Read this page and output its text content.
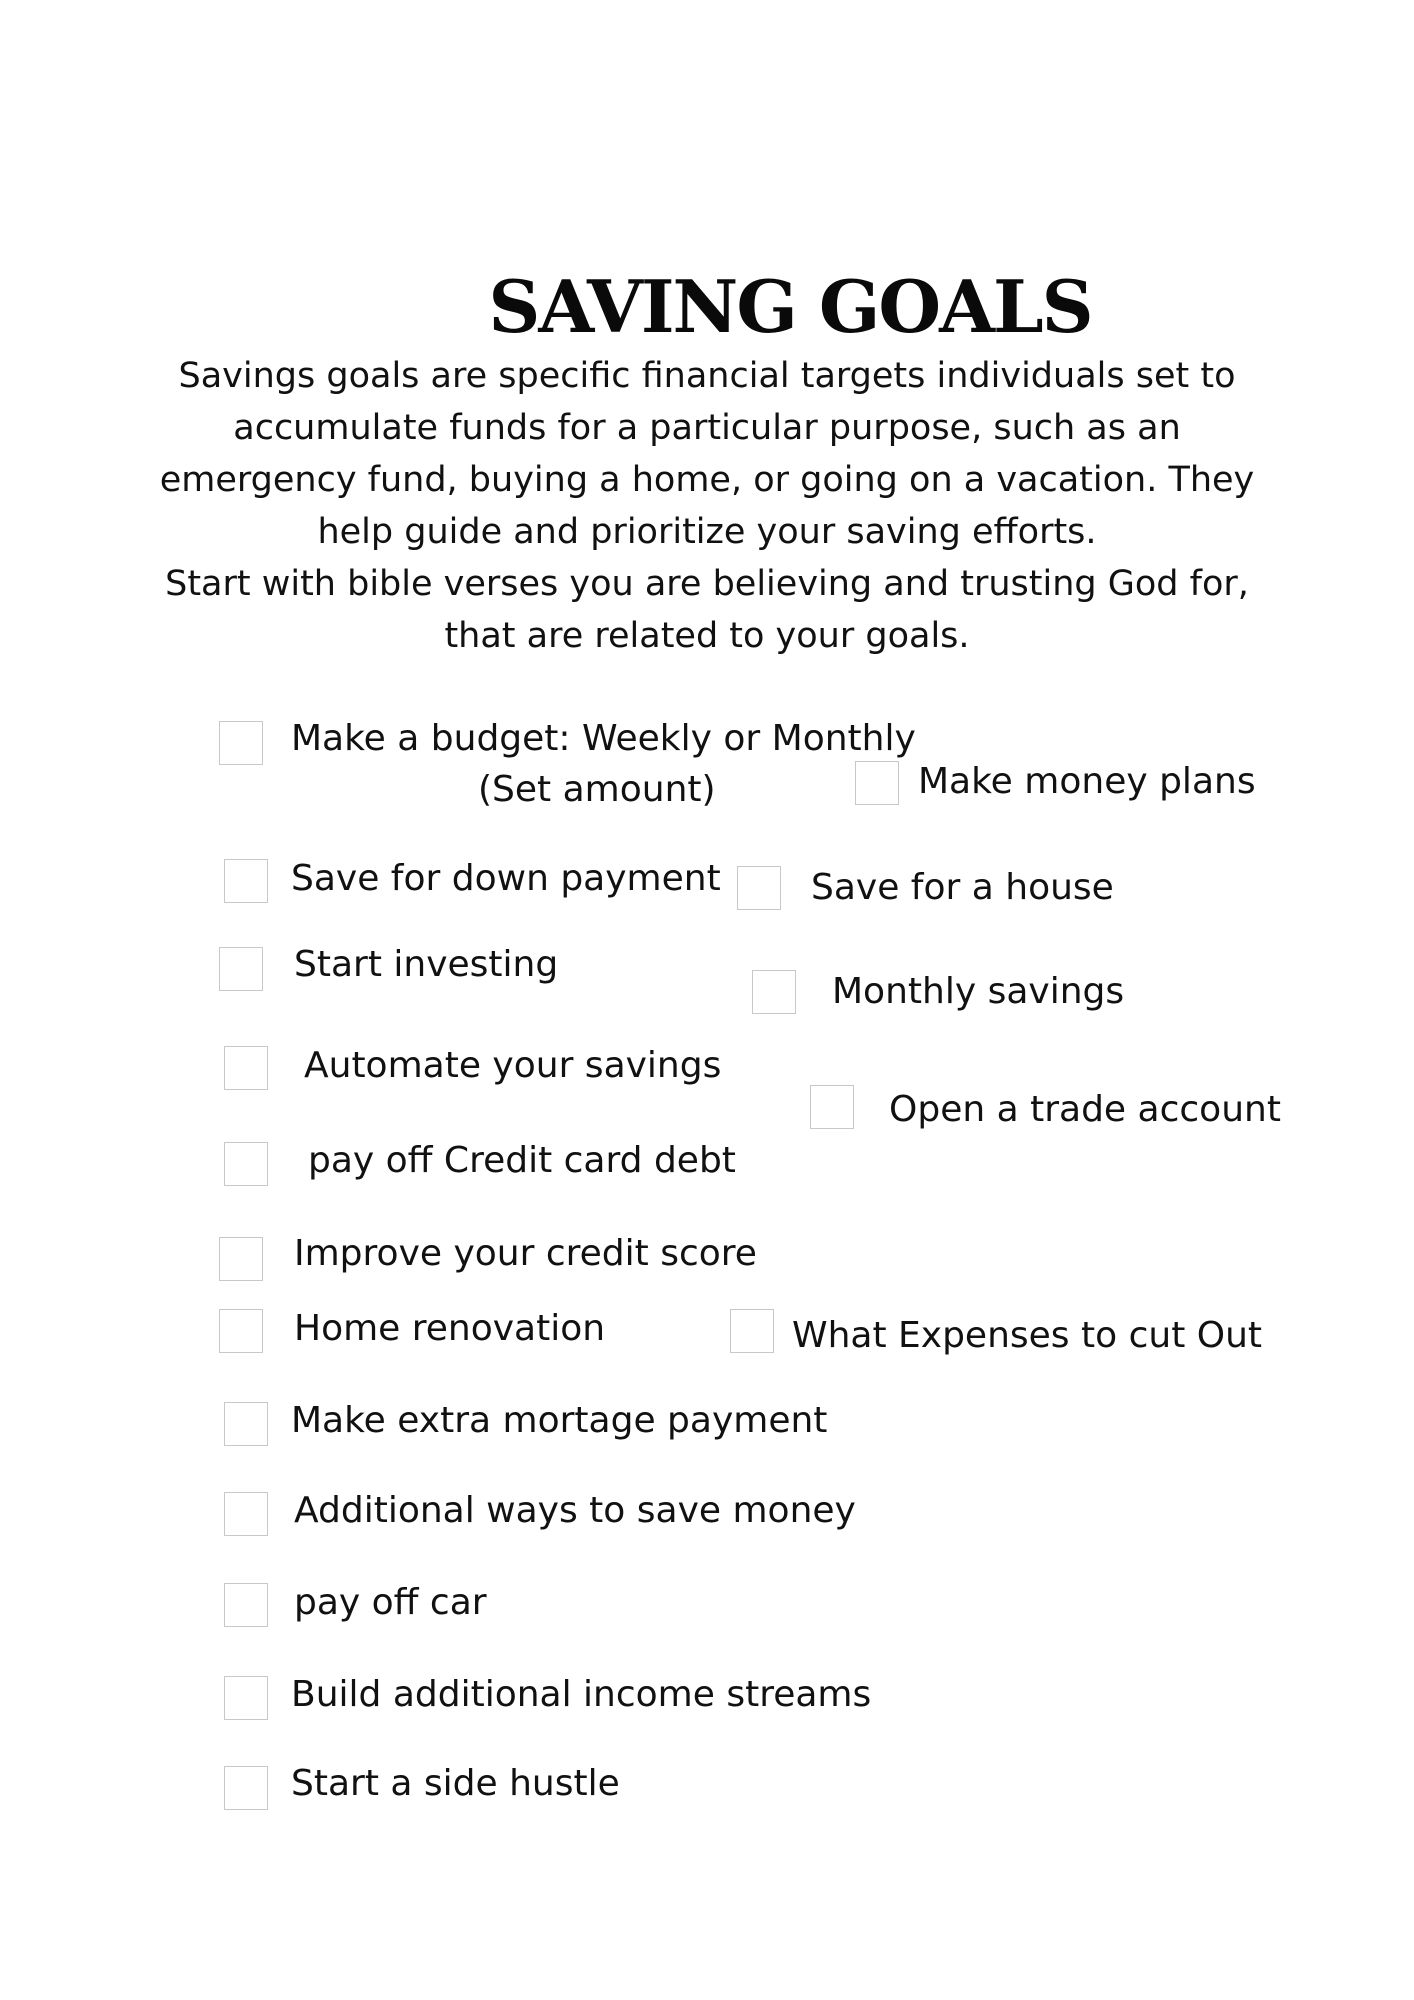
SAVING GOALS

Savings goals are specific financial targets individuals set to

accumulate funds for a particular purpose, such as an

emergency fund, buying a home, or going on a vacation. They

help guide and prioritize your saving efforts.

Start with bible verses you are believing and trusting God for,

that are related to your goals.

Make a budget: Weekly or Monthly
(Set amount)	Make money plans
Save for down payment	Save for a house
Start investing
Monthly savings
Automate your savings
Open a trade account
pay off Credit card debt
Improve your credit score
Home renovation	What Expenses to cut Out
Make extra mortage payment
Additional ways to save money
pay off car
Build additional income streams
Start a side hustle
